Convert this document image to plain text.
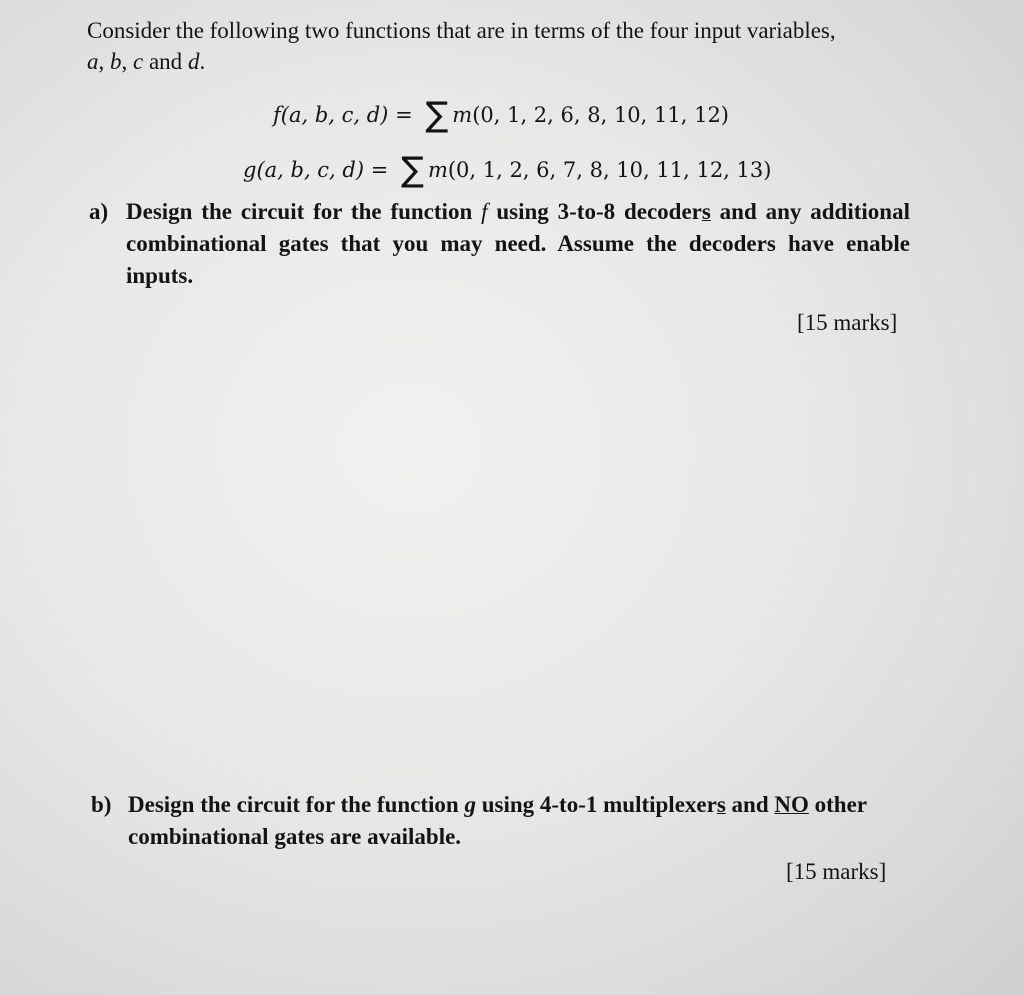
Consider the following two functions that are in terms of the four input variables,
a, b, c and d.
f(a, b, c, d) = ∑ m(0, 1, 2, 6, 8, 10, 11, 12)
g(a, b, c, d) = ∑ m(0, 1, 2, 6, 7, 8, 10, 11, 12, 13)
a) Design the circuit for the function f using 3-to-8 decoders and any additional combinational gates that you may need. Assume the decoders have enable inputs.
[15 marks]
b) Design the circuit for the function g using 4-to-1 multiplexers and NO other combinational gates are available.
[15 marks]
